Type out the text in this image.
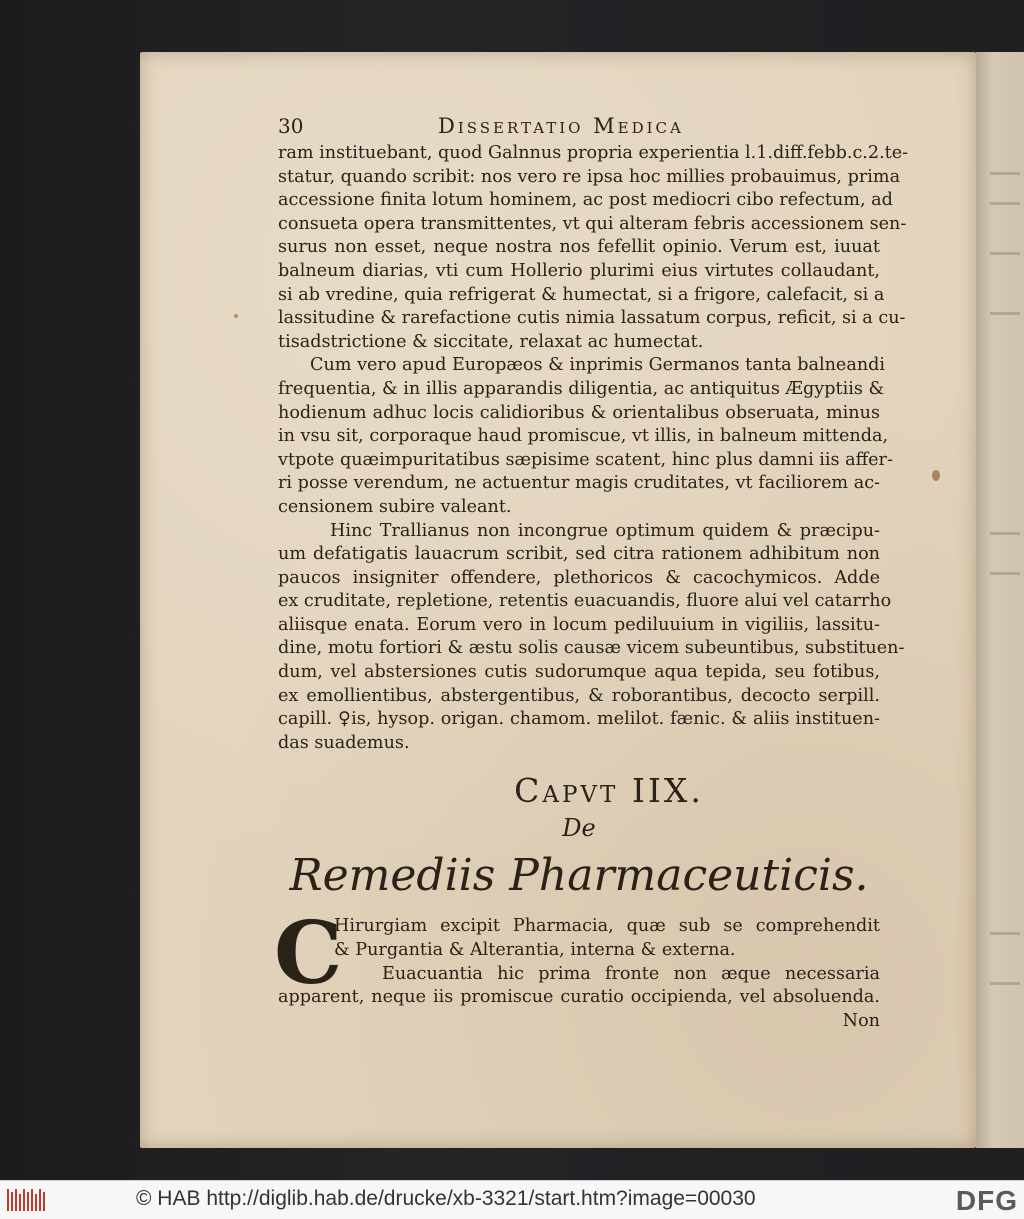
30	Dissertatio Medica
ram instituebant, quod Galnnus propria experientia l.1.diff.febb.c.2.te-
statur, quando scribit: nos vero re ipsa hoc millies probauimus, prima
accessione finita lotum hominem, ac post mediocri cibo refectum, ad
consueta opera transmittentes, vt qui alteram febris accessionem sen-
surus non esset, neque nostra nos fefellit opinio. Verum est, iuuat
balneum diarias, vti cum Hollerio plurimi eius virtutes collaudant,
si ab vredine, quia refrigerat & humectat, si a frigore, calefacit, si a
lassitudine & rarefactione cutis nimia lassatum corpus, reficit, si a cu-
tisadstrictione & siccitate, relaxat ac humectat.
Cum vero apud Europæos & inprimis Germanos tanta balneandi
frequentia, & in illis apparandis diligentia, ac antiquitus Ægyptiis &
hodienum adhuc locis calidioribus & orientalibus obseruata, minus
in vsu sit, corporaque haud promiscue, vt illis, in balneum mittenda,
vtpote quæimpuritatibus sæpisime scatent, hinc plus damni iis affer-
ri posse verendum, ne actuentur magis cruditates, vt faciliorem ac-
censionem subire valeant.
Hinc Trallianus non incongrue optimum quidem & præcipu-
um defatigatis lauacrum scribit, sed citra rationem adhibitum non
paucos insigniter offendere, plethoricos & cacochymicos. Adde
ex cruditate, repletione, retentis euacuandis, fluore alui vel catarrho
aliisque enata. Eorum vero in locum pediluuium in vigiliis, lassitu-
dine, motu fortiori & æstu solis causæ vicem subeuntibus, substituen-
dum, vel abstersiones cutis sudorumque aqua tepida, seu fotibus,
ex emollientibus, abstergentibus, & roborantibus, decocto serpill.
capill. ♀is, hysop. origan. chamom. melilot. fænic. & aliis instituen-
das suademus.
Capvt IIX.
De
Remediis Pharmaceuticis.
C
Hirurgiam excipit Pharmacia, quæ sub se comprehendit
& Purgantia & Alterantia, interna & externa.
Euacuantia hic prima fronte non æque necessaria
apparent, neque iis promiscue curatio occipienda, vel absoluenda.
Non
© HAB http://diglib.hab.de/drucke/xb-3321/start.htm?image=00030	DFG
